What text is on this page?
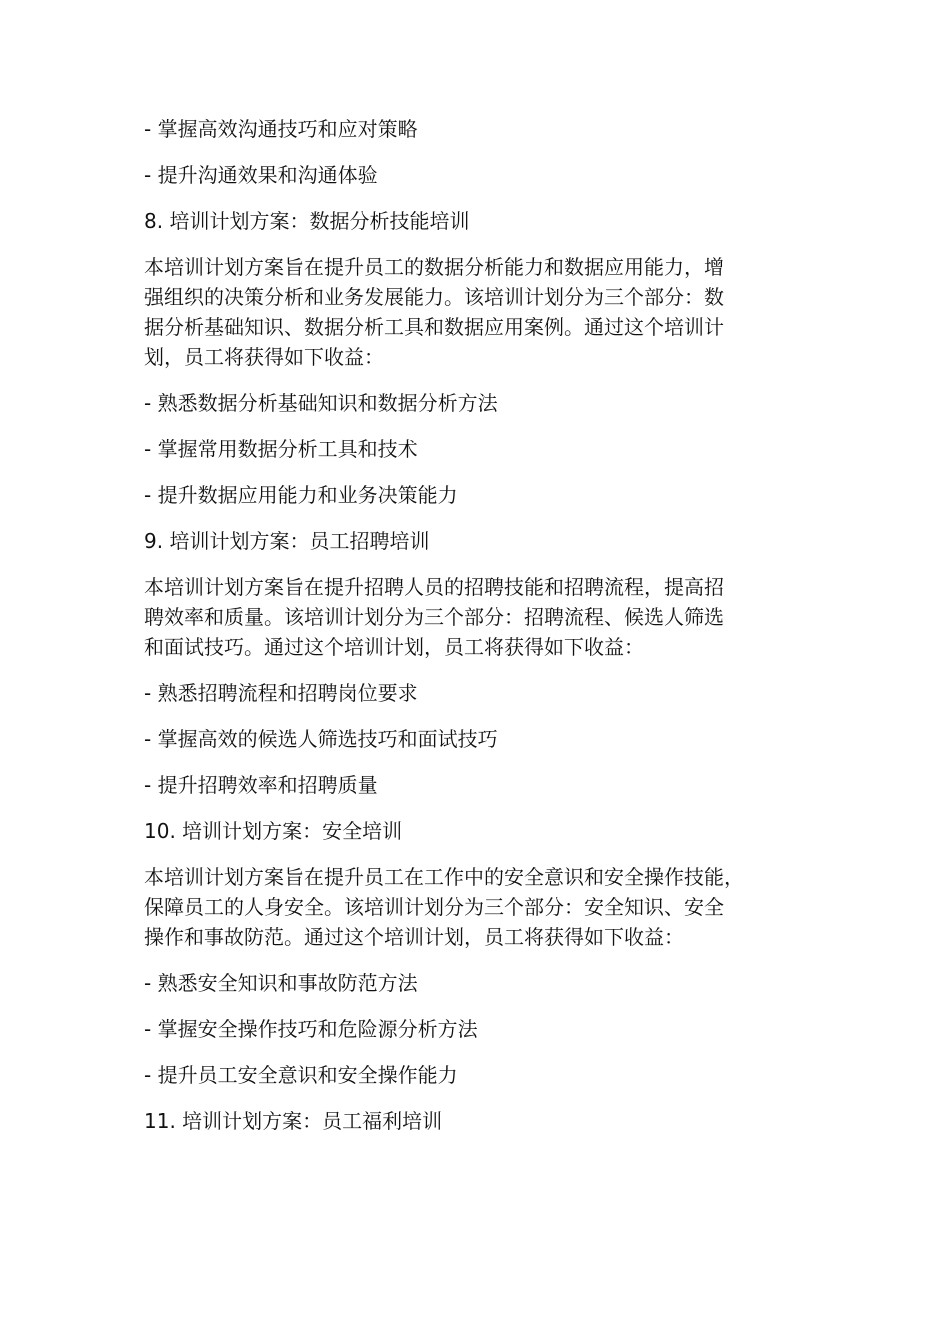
- 掌握高效沟通技巧和应对策略

- 提升沟通效果和沟通体验

8. 培训计划方案：数据分析技能培训

本培训计划方案旨在提升员工的数据分析能力和数据应用能力，增
强组织的决策分析和业务发展能力。该培训计划分为三个部分：数
据分析基础知识、数据分析工具和数据应用案例。通过这个培训计
划，员工将获得如下收益：

- 熟悉数据分析基础知识和数据分析方法

- 掌握常用数据分析工具和技术

- 提升数据应用能力和业务决策能力

9. 培训计划方案：员工招聘培训

本培训计划方案旨在提升招聘人员的招聘技能和招聘流程，提高招
聘效率和质量。该培训计划分为三个部分：招聘流程、候选人筛选
和面试技巧。通过这个培训计划，员工将获得如下收益：

- 熟悉招聘流程和招聘岗位要求

- 掌握高效的候选人筛选技巧和面试技巧

- 提升招聘效率和招聘质量

10. 培训计划方案：安全培训

本培训计划方案旨在提升员工在工作中的安全意识和安全操作技能，
保障员工的人身安全。该培训计划分为三个部分：安全知识、安全
操作和事故防范。通过这个培训计划，员工将获得如下收益：

- 熟悉安全知识和事故防范方法

- 掌握安全操作技巧和危险源分析方法

- 提升员工安全意识和安全操作能力

11. 培训计划方案：员工福利培训
